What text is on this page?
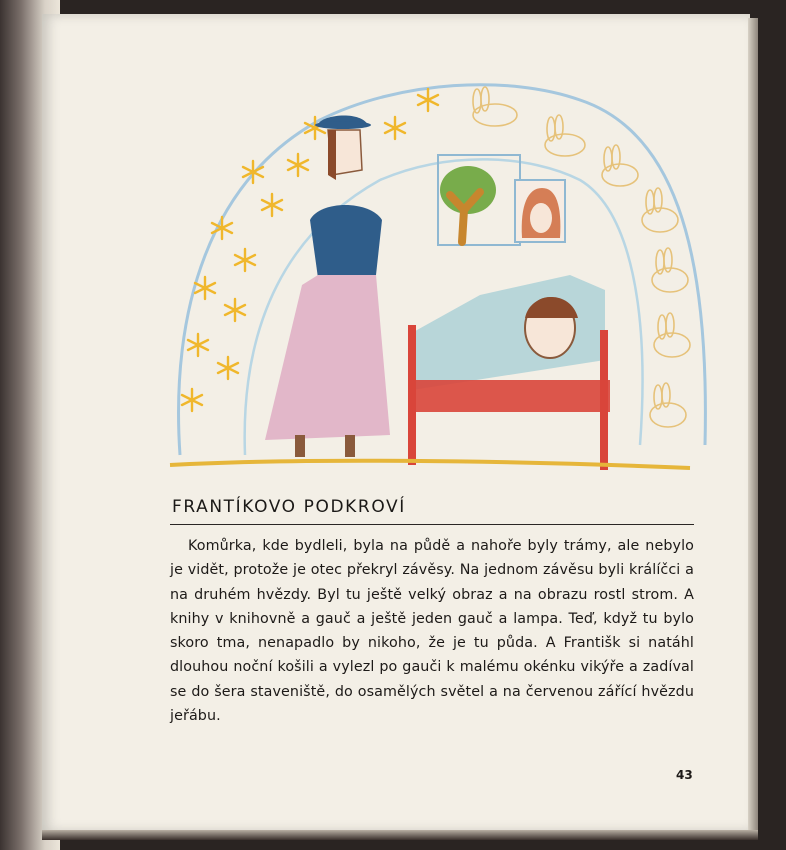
FRANTÍKOVO PODKROVÍ

Komůrka, kde bydleli, byla na půdě a nahoře byly trámy, ale nebylo je vidět, protože je otec překryl závěsy. Na jednom závěsu byli králíčci a na druhém hvězdy. Byl tu ještě velký obraz a na obrazu rostl strom. A knihy v knihovně a gauč a ještě jeden gauč a lampa. Teď, když tu bylo skoro tma, nenapadlo by nikoho, že je tu půda. A Františk si natáhl dlouhou noční košili a vylezl po gauči k malému okénku vikýře a zadíval se do šera staveniště, do osamělých světel a na červenou zářící hvězdu jeřábu.

43
